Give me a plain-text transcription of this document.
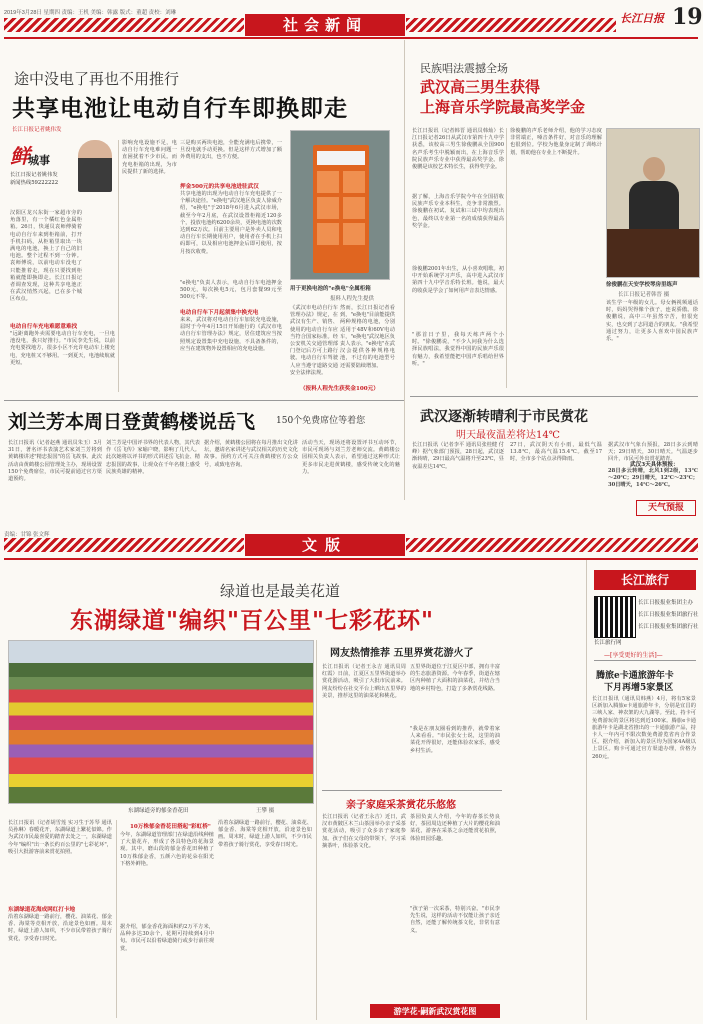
2019年3月28日 星期四 责编：王机 美编：韩露 版式：董超 责校：刘琳	长江日报 19
社会新闻
途中没电了再也不用推行
共享电池让电动自行车即换即走
长江日报记者姚伟发
鲜
城事
长江日报记者姚伟发
新闻热线59222222
汉阳区龙兴东街一家超市旁的角落里，有一个橘红色金属柜箱。26日，快递员袁师傅骑着电动自行车来到柜箱前，打开手机扫码，从柜箱里取出一块满电的电池，换上了自己的旧电池。整个过程不到一分钟。袁师傅说，以前电动车没电了只能推着走，现在只要找到柜箱就能即换即走。长江日报记者调查发现，这种共享电池正在武汉悄然兴起，已在多个城区布点。
电动自行车充电难愿意难找
"远距离跑外卖需要电动自行车充电，一旦电池没电，我只好推行。"市民李先生说，以前充电要找地方，很多小区不允许电动车上楼充电，充电桩又不够用。一到夏天，电池续航就更短。
影响充电设施不足，电动自行车充电难问题一直困扰着不少市民。而充电柜箱的出现，为市民提供了新的选择。
三是购买两块电池，全能充满电后携带，一旦没电就手动更换。但是这样方式增加了额外费用的支出，也不方便。
押金500元的共享电池进驻武汉
共享电池的出现为电动自行车充电提供了一个解决途径。"e换电"武汉地区负责人徐威介绍，"e换电"于2018年6月进入武汉市场，截至今年2月底，在武汉设置柜箱近120多个，投放电池约6200余块，更换电池的次数达到62万次。目前主要用户是外卖人员和电动自行车长期使用用户，使用者在手机上扫码即可，以及相应电池押金后即可使用，按月按次收费。
"e换电"负责人表示，电动自行车电池押金500元，每次换电5元，包月套餐99元至500元不等。
电动自行车下月起须集中换充电
来来，武汉将对电动自行车加装充电设施，届时于今年4月15日开始施行的《武汉市电动自行车管理办法》规定，居住建筑应当按照规定设置集中充电设施，不具备条件的，应当在建筑物外设置相应的充电设施。
用于更换电池的"e换电"全属柜箱
报料人程先生提供
《武汉市电动自行车管理办法》规定，在武汉有生产、销售、使用的电动自行车应当符合国家标准。经公安机关交通管理部门登记后方可上路行驶。电动自行车驾驶人应当遵守道路交通安全法律法规。
然而，长江日报记者看到，"e换电"目前能提供两种规格的电池，分别适用于48V和60V电动车，"e换电"武汉地区负责人表示，"e换电"在武汉会提供各种规格电池，不过有的电池型号还需要陆续增加。
（报料人程先生获奖金100元）
民族唱法震撼全场
武汉高三男生获得
上海音乐学院最高奖学金
长江日报讯（记者韩晋 通讯员韩灿）长江日报记者26日从武汉市第四十九中学获悉，该校高三男生徐俊鹏从全国900名声乐考生中脱颖而出，在上海音乐学院民族声乐专业中获得最高奖学金。徐俊鹏是该校艺术特长生，获得奖学金。
据了解，上海音乐学院今年在全国招收民族声乐专业本科生，竞争非常激烈。徐俊鹏在初试、复试和三试中均表现出色，最终以专业第一名的成绩获得最高奖学金。
徐俊鹏2001年出生，从小喜欢唱歌。初中开始系统学习声乐，高中进入武汉市第四十九中学音乐特长班。他说，最大的收获是学会了如何用声音表达情感。
"那首日子里，我每天练声两个小时。"徐俊鹏说，"不少人问我为什么选择民族唱法，我觉得中国的民族声乐很有魅力，我希望能把中国声乐唱给世界听。"
徐俊鹏的声乐老师介绍，他的学习态度非常端正，嗓音条件好，对音乐的理解也很到位。学校为他量身定制了训练计划，帮助他在专业上不断提升。
徐俊鹏在天安学校琴房里练声
长江日报记者韩晋 摄
该生学一年级的女儿。母女俩视频通话时，妈妈哭得像个孩子，连说骄傲。徐俊鹏说，高中三年虽然辛苦，但很充实，也交到了志同道合的朋友。"我希望通过努力，让更多人喜欢中国民族声乐。"
武汉逐渐转晴利于市民赏花
明天最夜温差将达14℃
长江日报讯（记者李平 通讯员张桂健 付峰）据气象部门预报，28日起，武汉逐渐转晴，29日最高气温将升至23℃，昼夜温差达14℃。
27日，武汉阴天有小雨，最低气温13.8℃，最高气温15.4℃。截至17时，全市多个站点录得降雨。
据武汉市气象台预报，28日多云到晴天；29日晴天，30日晴天。气温逐步回升，市民可外出赏花踏青。
武汉3天具体预报：
28日多云转晴，北风1到2级，13℃～20℃；29日晴天，12℃～23℃；30日晴天，14℃～26℃。
天气预报
刘兰芳本周日登黄鹤楼说岳飞 150个免费席位等着您
长江日报讯（记者赵燕 通讯员朱玉）3月31日，著名评书表演艺术家刘兰芳将到黄鹤楼讲述"精忠报国"的岳飞故事。此次活动由黄鹤楼公园管理处主办，现场设置150个免费席位，市民可提前通过官方渠道预约。
刘兰芳是中国评书界的代表人物，其代表作《岳飞传》家喻户晓，影响了几代人。此次她将以评书的形式讲述岳飞抗金、精忠报国的故事，让观众在千年名楼上感受民族英雄的精神。
据介绍，黄鹤楼公园将在每月推出文化讲坛，邀请名家讲述与武汉相关的历史文化故事。预约方式可关注黄鹤楼官方公众号，或致电咨询。
活动当天，现场还将设置评书互动环节，市民可现场与刘兰芳老师交流。黄鹤楼公园相关负责人表示，希望通过这种形式让更多市民走进黄鹤楼，感受传统文化的魅力。
责编：甘锦 张文辉
文版
绿道也是最美花道
东湖绿道"编织"百公里"七彩花环"
东湖绿道旁的郁金香花田	王攀 摄
长江日报讯（记者胡雪莲 实习生于苏琴 通讯员孙琳）春暖花开，东湖绿道上繁花似锦。作为武汉市民最喜爱的踏青去处之一，东湖绿道今年"编织"出一条长约百公里的"七彩花环"，吸引大批游客前来赏花拍照。
东湖绿道花海成网红打卡地
沿着东湖绿道一路前行，樱花、油菜花、郁金香、海棠等竞相开放，沿途景色如画。周末时，绿道上游人如织，不少市民带着孩子骑行赏花，享受春日时光。
10万株郁金香花田搭起"彩虹桥"
今年，东湖绿道管理部门在绿道沿线种植了大量花卉，形成了各具特色的花海景观。其中，磨山段的郁金香花田种植了10万株郁金香，五颜六色的花朵在阳光下格外鲜艳。
据介绍，郁金香花海面积约2万平方米，品种多达30余个，花期可持续到4月中旬。市民可以沿着绿道骑行或步行前往观赏。
沿着东湖绿道一路前行，樱花、油菜花、郁金香、海棠等竞相开放，沿途景色如画。周末时，绿道上游人如织，不少市民带着孩子骑行赏花，享受春日时光。
网友热情推荐 五里界赏花游火了
长江日报讯（记者王永吉 通讯员周红霞）日前，江夏区五里界街道举办赏花游活动，吸引了大批市民前来。网友纷纷在社交平台上晒出五里界的美景，推荐这里的油菜花和桃花。
五里界街道位于江夏区中部，拥有丰富的生态旅游资源。今年春季，街道在辖区内种植了大面积的油菜花，并结合当地的乡村特色，打造了多条赏花线路。
"我是在朋友圈看到的推荐，就带着家人来看看。"市民张女士说，这里的油菜花开得很好，还能体验农家乐，感受乡村生活。
亲子家庭采茶赏花乐悠悠
长江日报讯（记者王永吉）近日，武汉市黄陂区木兰山茶园举办亲子采茶赏花活动，吸引了众多亲子家庭参加。孩子们在父母的带领下，学习采摘茶叶，体验茶文化。
茶园负责人介绍，今年的春茶长势良好，茶园周边还种植了大片的樱花和油菜花，游客在采茶之余还能赏花拍照，体验田园乐趣。
"孩子第一次采茶，特别兴奋。"市民李先生说，这样的活动不仅能让孩子亲近自然，还能了解传统茶文化，非常有意义。
游学花·嗣新武汉赏花图
长江旅行
长江旅行网
长江日报报业集团主办
长江日报报业集团旅行社
长江日报报业集团旅行社
—[享受更好的生活]—
腾旅e卡通旅游年卡
下月再增5家景区
长江日报讯（通讯员韩燕）4月，将有5家景区新加入腾旅e卡通旅游年卡，分别是宜昌的三峡人家、神农架的大九湖等。至此，持卡可免费游玩的景区将达到近100家。腾旅e卡通旅游年卡是湖北省推出的一卡通旅游产品，持卡人一年内可不限次数免费游览省内合作景区。据介绍，新加入的景区均为国家4A级以上景区。购卡可通过官方渠道办理，价格为260元。
